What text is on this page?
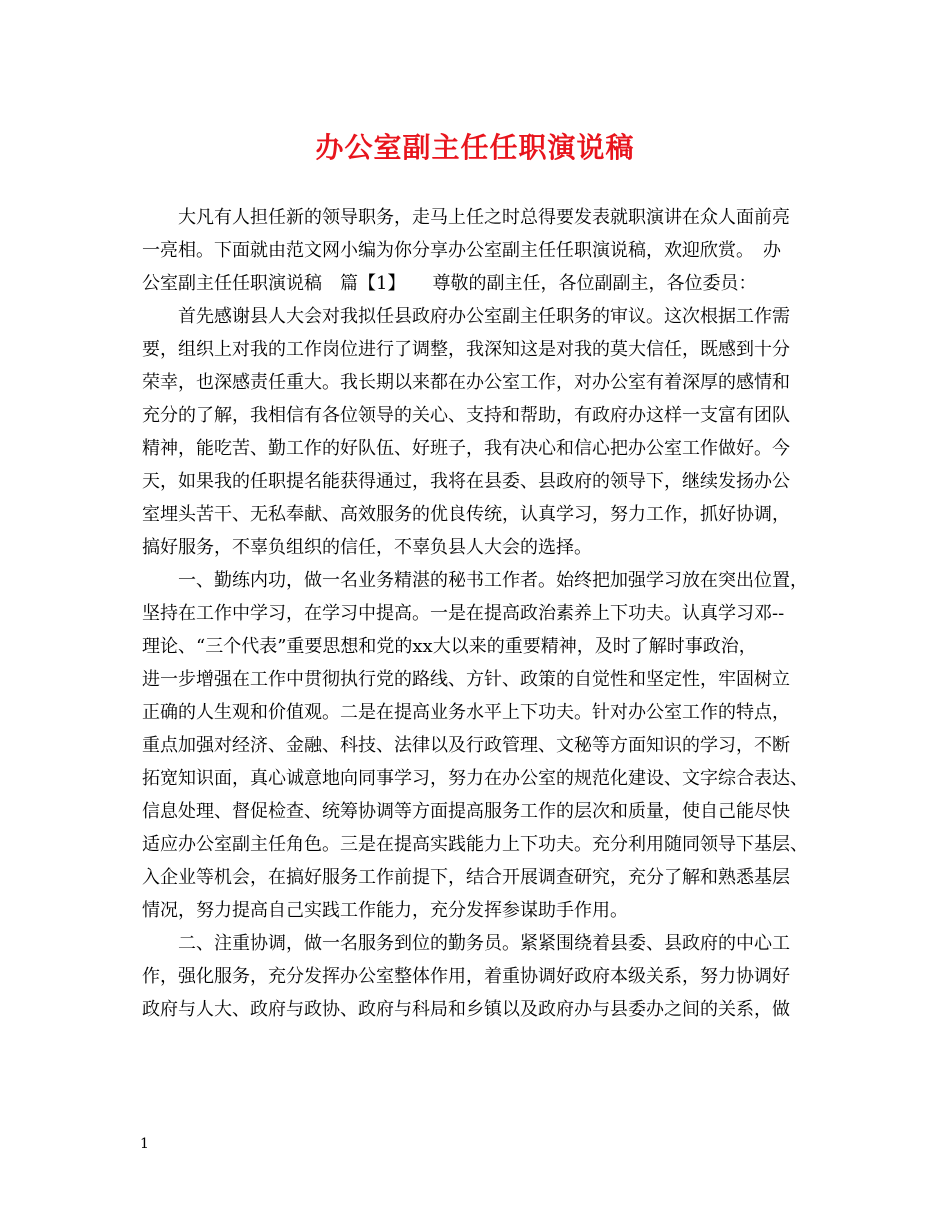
办公室副主任任职演说稿
　　大凡有人担任新的领导职务，走马上任之时总得要发表就职演讲在众人面前亮
一亮相。下面就由范文网小编为你分享办公室副主任任职演说稿，欢迎欣赏。　办
公室副主任任职演说稿　篇【1】　　尊敬的副主任，各位副副主，各位委员：
　　首先感谢县人大会对我拟任县政府办公室副主任职务的审议。这次根据工作需
要，组织上对我的工作岗位进行了调整，我深知这是对我的莫大信任，既感到十分
荣幸，也深感责任重大。我长期以来都在办公室工作，对办公室有着深厚的感情和
充分的了解，我相信有各位领导的关心、支持和帮助，有政府办这样一支富有团队
精神，能吃苦、勤工作的好队伍、好班子，我有决心和信心把办公室工作做好。今
天，如果我的任职提名能获得通过，我将在县委、县政府的领导下，继续发扬办公
室埋头苦干、无私奉献、高效服务的优良传统，认真学习，努力工作，抓好协调，
搞好服务，不辜负组织的信任，不辜负县人大会的选择。
　　一、勤练内功，做一名业务精湛的秘书工作者。始终把加强学习放在突出位置，
坚持在工作中学习，在学习中提高。一是在提高政治素养上下功夫。认真学习邓--
理论、“三个代表”重要思想和党的xx大以来的重要精神，及时了解时事政治，
进一步增强在工作中贯彻执行党的路线、方针、政策的自觉性和坚定性，牢固树立
正确的人生观和价值观。二是在提高业务水平上下功夫。针对办公室工作的特点，
重点加强对经济、金融、科技、法律以及行政管理、文秘等方面知识的学习，不断
拓宽知识面，真心诚意地向同事学习，努力在办公室的规范化建设、文字综合表达、
信息处理、督促检查、统筹协调等方面提高服务工作的层次和质量，使自己能尽快
适应办公室副主任角色。三是在提高实践能力上下功夫。充分利用随同领导下基层、
入企业等机会，在搞好服务工作前提下，结合开展调查研究，充分了解和熟悉基层
情况，努力提高自己实践工作能力，充分发挥参谋助手作用。
　　二、注重协调，做一名服务到位的勤务员。紧紧围绕着县委、县政府的中心工
作，强化服务，充分发挥办公室整体作用，着重协调好政府本级关系，努力协调好
政府与人大、政府与政协、政府与科局和乡镇以及政府办与县委办之间的关系，做
1
